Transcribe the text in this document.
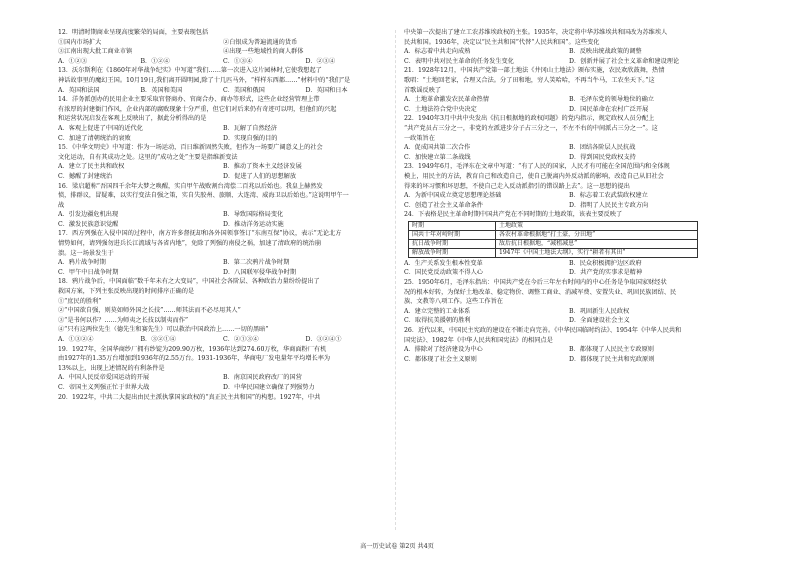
12．明清时期商业呈现高度繁荣的局面，主要表现包括
①国内市场扩大	②白银成为普遍流通的货币
③江南出现大批工商业市镇	④出现一些地域性的商人群体
A．①②③	B．①②④	C．①③④	D．②③④
13．沃尔斯利在《1860年对华战争纪实》中写道“我们……第一次进入这片园林时,它使我想起了
神话故事里的魔幻王国。10月19日,我们离开圆明园,除了十几匹马外，“样样东西都……”材料中的“我们”是
A．英国和法国	B．英国和美国	C．美国和俄国	D．英国和日本
14．洋务派创办的民用企业主要采取官督商办、官商合办、商办等形式，这些企业经营管理上带
有浓厚的封建衙门作风，企业内部的腐败现象十分严重，但它们对后来仍有奇迹可以明，但他们的兴起
和运营状况启发在客观上反映出了，据此分析得出的是
A．客观上促进了中国的近代化	B．瓦解了自然经济
C．加速了清朝统治的衰败	D．实现自强的目的
15．《中华文明史》中写道：作为一场运动，百日维新固然失败，但作为一场要广阔意义上的社会
文化运动，自有其成功之处。这里的“成功之处”主要是指维新变法
A．建立了民主共和政权	B．推动了资本主义经济发展
C．撼醒了封建统治	D．促进了人们的思想解放
16．梁启超称“吾国四千余年大梦之唤醒，实自甲午战败割台湾偿二百兆以后始也。我皇上赫然发
愤，排群议，冒疑难，以实行变法自强之策，实自失胶州、旅顺、大连湾、威海卫以后始也。”这说明甲午一
战
A．引发边疆危机出现	B．导致国际格局变化
C．激发民族意识觉醒	D．推动洋务运动实施
17．西方列强在入侵中国的过程中，南方许多督抚却和各外国领事签订“东南互保”协议，表示“无论北方
情势如何，请列强勿进兵长江流域与各省内地”，免除了列强的南侵之祸，加速了清政府的统治崩
溃。这一场景发生于
A．鸦片战争时期	B．第二次鸦片战争时期
C．甲午中日战争时期	D．八国联军侵华战争时期
18．鸦片战争后，中国面临“数千年未有之大变局”，中国社会各阶层、各种政治力量纷纷提出了
救国方案，下列主张反映出现的时间排序正确的是
①“庶民的胜利”
②“中国欲自强，则莫如师外国之长技”……师其法而不必尽用其人”
③“是书何以作？……为师夷之长技以制夷而作”
④“只有这两位先生（德先生和赛先生）可以救治中国政治上……一切的黑暗”
A．①③②④	B．③②①④	C．②①③④	D．③②④①
19．1927年，全国华商纱厂拥有纱锭为209.90万枚，1936年达到274.60万枚，华商面粉厂有机
由1927年的1.35万台增加到1936年的2.55万台。1931-1936年，华商电厂发电量年平均增长率为
13%以上，出现上述情况的有利条件是
A．中国人民反帝爱国运动的开展	B．南京国民政府改厂的国营
C．帝国主义列强正忙于世界大战	D．中华民国建立确保了列强势力
20．1922年，中共二大提出由民主派执掌国家政权的“真正民主共和国”的构想。1927年，中共
中央第一次提出了建立工农苏维埃政权的主张。1935年，决定将中华苏维埃共和国改为苏维埃人
民共和国。1936年，决定以“民主共和国”代替“人民共和国”。这些变化
A．标志着中共走向成熟	B．反映出统战政策的调整
C．表明中共对民主革命的任务发生变化	D．创新并展了社会主义革命和建设理论
21．1928年12月，中国共产党第一部土地法《井冈山土地法》颁布实施，农民欢欣鼓舞，热情
歌唱：“土地回老家，合理又合法。分了田和地，穷人笑哈哈，不再当牛马，工农坐天下。”这
首歌谣反映了
A．土地革命激发农民革命热情	B．毛泽东党的领导地位的确立
C．土地法符合党中央决定	D．国民革命在农村广泛开展
22．1940年3月中共中央发出《抗日根据地的政权问题》的党内指示，规定政权人员分配上
“共产党员占三分之一，非党的左派进步分子占三分之一，不左不右的中间派占三分之一”。这
一政策旨在
A．促成国共第二次合作	B．团结各阶层人民抗战
C．加快建立第二条战线	D．得到国民党政权支持
23．1949年6月，毛泽东在文章中写道：“有了人民的国家，人民才有可能在全国范围内和全体规
模上，用民主的方法，教育自己和改造自己，使自己脱离内外反动派的影响，改造自己从旧社会
得来的坏习惯和坏思想，不使自己走入反动派指引的错误路上去”。这一思想的提出
A．为新中国成立奠定思想理论基础	B．标志着工农武装政权建立
C．创造了社会主义革命条件	D．指明了人民民主专政方向
24．下表格是民主革命时期中国共产党在不同时期的土地政策，该表主要反映了
时期	土地政策
国共十年对峙时期	各农村革命根据地“打土豪，分田地”
抗日战争时期	敌后抗日根据地，“减租减息”
解放战争时期	1947年《中国土地法大纲》，实行“耕者有其田”
A．生产关系发生根本性变革	B．民众积极拥护边区政府
C．国民党反动政策不得人心	D．共产党的实事求是精神
25．1950年6月，毛泽东指出：中国共产党在今后三年左右时间内的中心任务是争取国家财经状
况的根本好转，为保好土地改革、稳定物价、调整工商业、消减军费、安置失业、巩固民族团结、民
族、文教等八项工作。这些工作旨在
A．建立完整的工业体系	B．巩固新生人民政权
C．取得抗美援朝的胜利	D．全面建设社会主义
26．近代以来，中国民主宪政的建设在不断走向完善。《中华民国临时约法》、1954年《中华人民共和
国宪法》、1982年《中华人民共和国宪法》的相同点是
A．排除对了经济建设为中心	B．都体现了人民民主专政原则
C．都体现了社会主义原则	D．都体现了民主共和宪政原则
高一历史试卷 第2页 共4页
